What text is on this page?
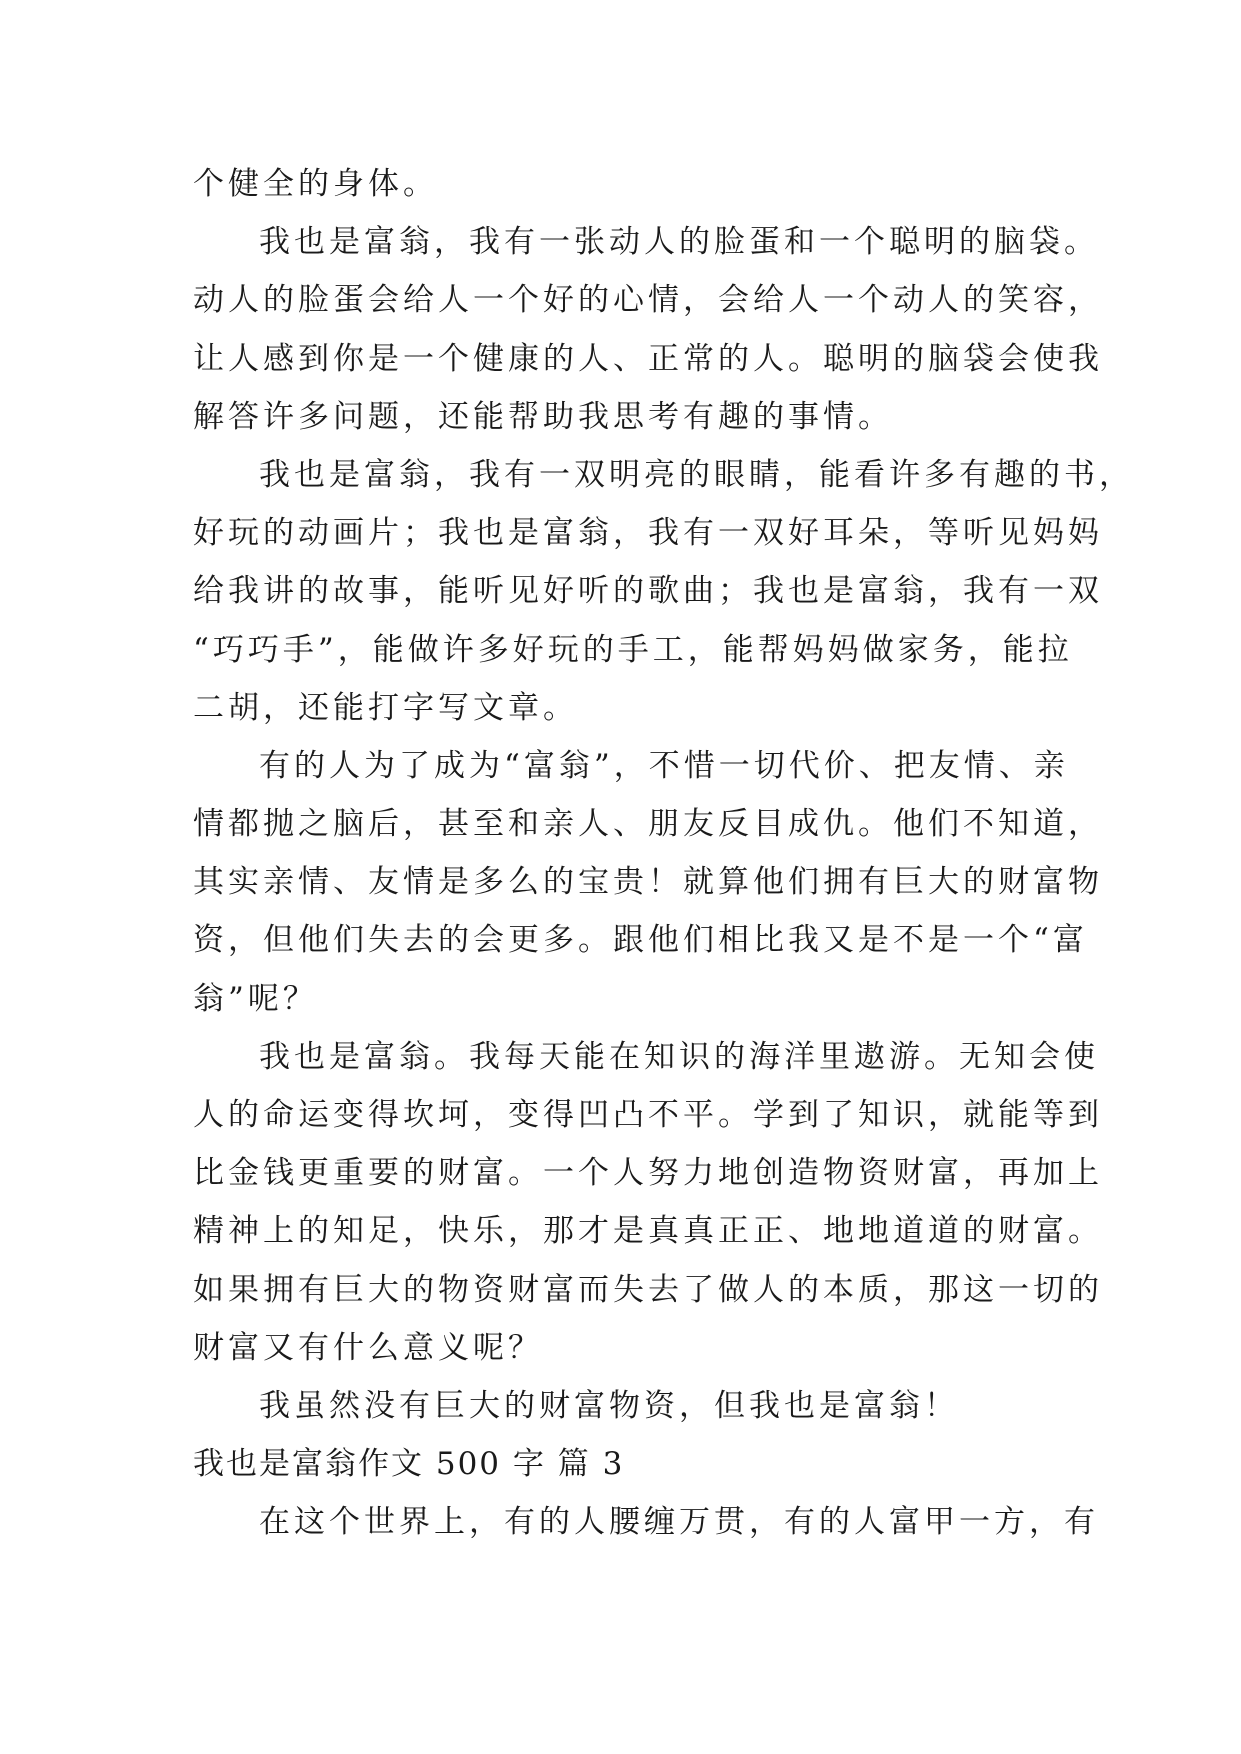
个健全的身体。
我也是富翁，我有一张动人的脸蛋和一个聪明的脑袋。
动人的脸蛋会给人一个好的心情，会给人一个动人的笑容，
让人感到你是一个健康的人、正常的人。聪明的脑袋会使我
解答许多问题，还能帮助我思考有趣的事情。
我也是富翁，我有一双明亮的眼睛，能看许多有趣的书，
好玩的动画片；我也是富翁，我有一双好耳朵，等听见妈妈
给我讲的故事，能听见好听的歌曲；我也是富翁，我有一双
“巧巧手”，能做许多好玩的手工，能帮妈妈做家务，能拉
二胡，还能打字写文章。
有的人为了成为“富翁”，不惜一切代价、把友情、亲
情都抛之脑后，甚至和亲人、朋友反目成仇。他们不知道，
其实亲情、友情是多么的宝贵！就算他们拥有巨大的财富物
资，但他们失去的会更多。跟他们相比我又是不是一个“富
翁”呢？
我也是富翁。我每天能在知识的海洋里遨游。无知会使
人的命运变得坎坷，变得凹凸不平。学到了知识，就能等到
比金钱更重要的财富。一个人努力地创造物资财富，再加上
精神上的知足，快乐，那才是真真正正、地地道道的财富。
如果拥有巨大的物资财富而失去了做人的本质，那这一切的
财富又有什么意义呢？
我虽然没有巨大的财富物资，但我也是富翁！
我也是富翁作文 500 字 篇 3
在这个世界上，有的人腰缠万贯，有的人富甲一方，有
